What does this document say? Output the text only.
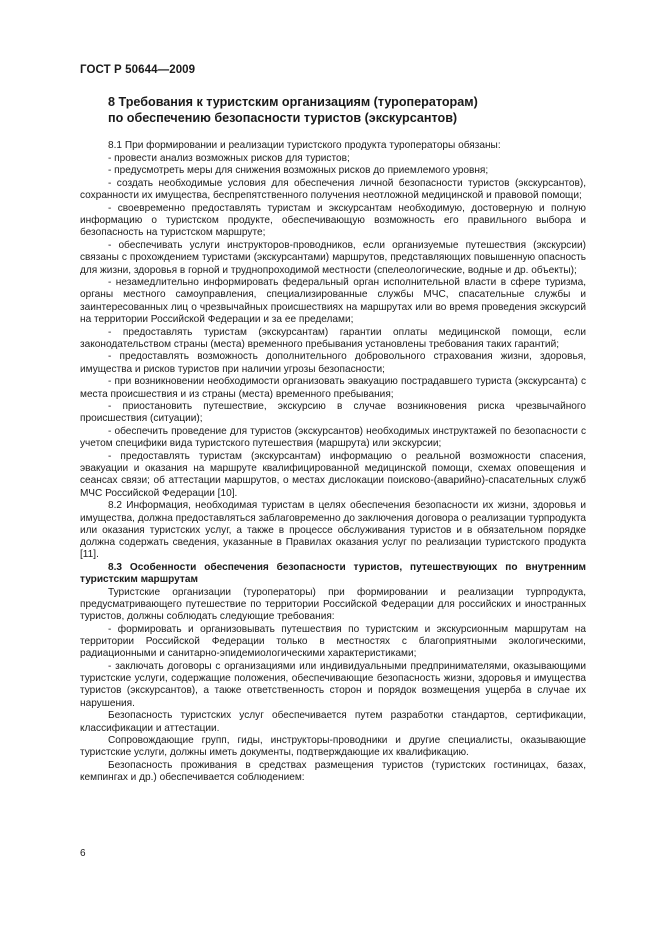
ГОСТ Р 50644—2009
8 Требования к туристским организациям (туроператорам)
по обеспечению безопасности туристов (экскурсантов)

8.1 При формировании и реализации туристского продукта туроператоры обязаны:

- провести анализ возможных рисков для туристов;

- предусмотреть меры для снижения возможных рисков до приемлемого уровня;

- создать необходимые условия для обеспечения личной безопасности туристов (экскурсантов), сохранности их имущества, беспрепятственного получения неотложной медицинской и правовой помощи;

- своевременно предоставлять туристам и экскурсантам необходимую, достоверную и полную информацию о туристском продукте, обеспечивающую возможность его правильного выбора и безопасность на туристском маршруте;

- обеспечивать услуги инструкторов-проводников, если организуемые путешествия (экскурсии) связаны с прохождением туристами (экскурсантами) маршрутов, представляющих повышенную опасность для жизни, здоровья в горной и труднопроходимой местности (спелеологические, водные и др. объекты);

- незамедлительно информировать федеральный орган исполнительной власти в сфере туризма, органы местного самоуправления, специализированные службы МЧС, спасательные службы и заинтересованных лиц о чрезвычайных происшествиях на маршрутах или во время проведения экскурсий на территории Российской Федерации и за ее пределами;

- предоставлять туристам (экскурсантам) гарантии оплаты медицинской помощи, если законодательством страны (места) временного пребывания установлены требования таких гарантий;

- предоставлять возможность дополнительного добровольного страхования жизни, здоровья, имущества и рисков туристов при наличии угрозы безопасности;

- при возникновении необходимости организовать эвакуацию пострадавшего туриста (экскурсанта) с места происшествия и из страны (места) временного пребывания;

- приостановить путешествие, экскурсию в случае возникновения риска чрезвычайного происшествия (ситуации);

- обеспечить проведение для туристов (экскурсантов) необходимых инструктажей по безопасности с учетом специфики вида туристского путешествия (маршрута) или экскурсии;

- предоставлять туристам (экскурсантам) информацию о реальной возможности спасения, эвакуации и оказания на маршруте квалифицированной медицинской помощи, схемах оповещения и сеансах связи; об аттестации маршрутов, о местах дислокации поисково-(аварийно)-спасательных служб МЧС Российской Федерации [10].

8.2 Информация, необходимая туристам в целях обеспечения безопасности их жизни, здоровья и имущества, должна предоставляться заблаговременно до заключения договора о реализации турпродукта или оказания туристских услуг, а также в процессе обслуживания туристов и в обязательном порядке должна содержать сведения, указанные в Правилах оказания услуг по реализации туристского продукта [11].

8.3 Особенности обеспечения безопасности туристов, путешествующих по внутренним туристским маршрутам

Туристские организации (туроператоры) при формировании и реализации турпродукта, предусматривающего путешествие по территории Российской Федерации для российских и иностранных туристов, должны соблюдать следующие требования:

- формировать и организовывать путешествия по туристским и экскурсионным маршрутам на территории Российской Федерации только в местностях с благоприятными экологическими, радиационными и санитарно-эпидемиологическими характеристиками;

- заключать договоры с организациями или индивидуальными предпринимателями, оказывающими туристские услуги, содержащие положения, обеспечивающие безопасность жизни, здоровья и имущества туристов (экскурсантов), а также ответственность сторон и порядок возмещения ущерба в случае их нарушения.

Безопасность туристских услуг обеспечивается путем разработки стандартов, сертификации, классификации и аттестации.

Сопровождающие групп, гиды, инструкторы-проводники и другие специалисты, оказывающие туристские услуги, должны иметь документы, подтверждающие их квалификацию.

Безопасность проживания в средствах размещения туристов (туристских гостиницах, базах, кемпингах и др.) обеспечивается соблюдением:

6
